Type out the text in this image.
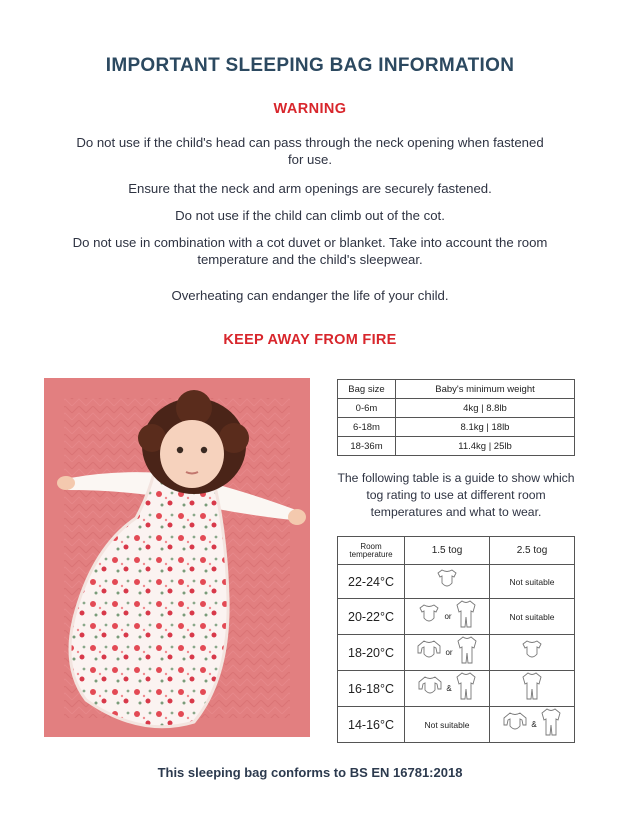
IMPORTANT SLEEPING BAG INFORMATION
WARNING
Do not use if the child's head can pass through the neck opening when fastened for use.
Ensure that the neck and arm openings are securely fastened.
Do not use if the child can climb out of the cot.
Do not use in combination with a cot duvet or blanket. Take into account the room temperature and the child's sleepwear.
Overheating can endanger the life of your child.
KEEP AWAY FROM FIRE
Bag size	Baby's minimum weight
0-6m	4kg | 8.8lb
6-18m	8.1kg | 18lb
18-36m	11.4kg | 25lb
The following table is a guide to show which tog rating to use at different room temperatures and what to wear.
Room temperature	1.5 tog	2.5 tog
22-24°C		Not suitable
20-22°C	or	Not suitable
18-20°C	or

16-18°C	&

14-16°C	Not suitable	&
This sleeping bag conforms to BS EN 16781:2018
